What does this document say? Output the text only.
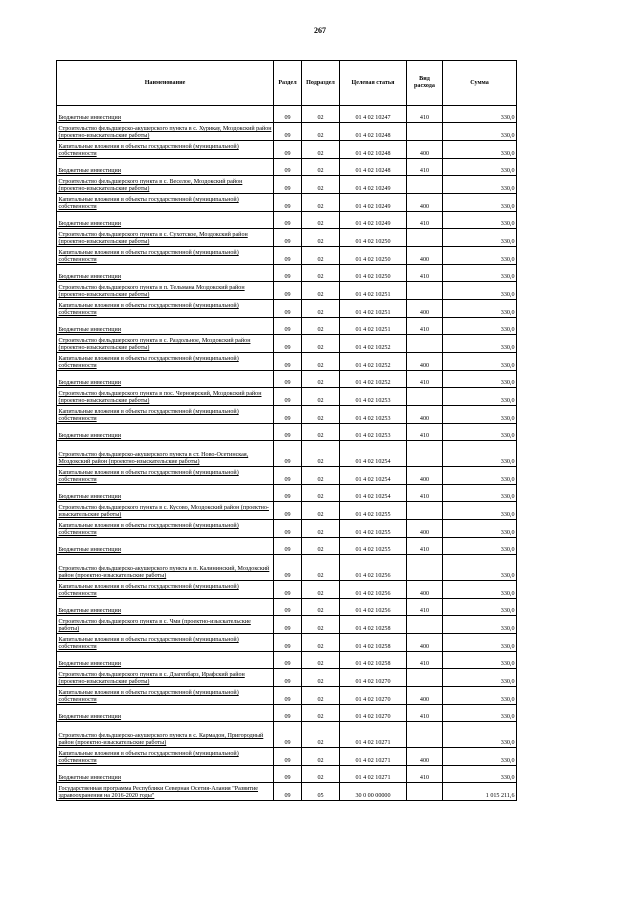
267
Наименование	Раздел	Подраздел	Целевая статья	Вид расхода	Сумма
Бюджетные инвестиции	09	02	01 4 02 10247	410	330,0
Строительство фельдшерско-акушерского пункта в с. Хурикау, Моздокский район (проектно-изыскательские работы)	09	02	01 4 02 10248		330,0
Капитальные вложения в объекты государственной (муниципальной) собственности	09	02	01 4 02 10248	400	330,0
Бюджетные инвестиции	09	02	01 4 02 10248	410	330,0
Строительство фельдшерского пункта в с. Веселое, Моздокский район (проектно-изыскательские работы)	09	02	01 4 02 10249		330,0
Капитальные вложения в объекты государственной (муниципальной) собственности	09	02	01 4 02 10249	400	330,0
Бюджетные инвестиции	09	02	01 4 02 10249	410	330,0
Строительство фельдшерского пункта в с. Сухотское, Моздокский район (проектно-изыскательские работы)	09	02	01 4 02 10250		330,0
Капитальные вложения в объекты государственной (муниципальной) собственности	09	02	01 4 02 10250	400	330,0
Бюджетные инвестиции	09	02	01 4 02 10250	410	330,0
Строительство фельдшерского пункта в п. Тельмана Моздокский район (проектно-изыскательские работы)	09	02	01 4 02 10251		330,0
Капитальные вложения в объекты государственной (муниципальной) собственности	09	02	01 4 02 10251	400	330,0
Бюджетные инвестиции	09	02	01 4 02 10251	410	330,0
Строительство фельдшерского пункта в с. Раздольное, Моздокский район (проектно-изыскательские работы)	09	02	01 4 02 10252		330,0
Капитальные вложения в объекты государственной (муниципальной) собственности	09	02	01 4 02 10252	400	330,0
Бюджетные инвестиции	09	02	01 4 02 10252	410	330,0
Строительство фельдшерского пункта в пос. Черноярский, Моздокский район (проектно-изыскательские работы)	09	02	01 4 02 10253		330,0
Капитальные вложения в объекты государственной (муниципальной) собственности	09	02	01 4 02 10253	400	330,0
Бюджетные инвестиции	09	02	01 4 02 10253	410	330,0
Строительство фельдшерско-акушерского пункта в ст. Ново-Осетинская, Моздокский район (проектно-изыскательские работы)	09	02	01 4 02 10254		330,0
Капитальные вложения в объекты государственной (муниципальной) собственности	09	02	01 4 02 10254	400	330,0
Бюджетные инвестиции	09	02	01 4 02 10254	410	330,0
Строительство фельдшерского пункта в с. Кусово, Моздокский район (проектно-изыскательские работы)	09	02	01 4 02 10255		330,0
Капитальные вложения в объекты государственной (муниципальной) собственности	09	02	01 4 02 10255	400	330,0
Бюджетные инвестиции	09	02	01 4 02 10255	410	330,0
Строительство фельдшерско-акушерского пункта в п. Калининский, Моздокский район (проектно-изыскательские работы)	09	02	01 4 02 10256		330,0
Капитальные вложения в объекты государственной (муниципальной) собственности	09	02	01 4 02 10256	400	330,0
Бюджетные инвестиции	09	02	01 4 02 10256	410	330,0
Строительство фельдшерского пункта в с. Чми (проектно-изыскательские работы)	09	02	01 4 02 10258		330,0
Капитальные вложения в объекты государственной (муниципальной) собственности	09	02	01 4 02 10258	400	330,0
Бюджетные инвестиции	09	02	01 4 02 10258	410	330,0
Строительство фельдшерского пункта в с. Дзагепбарз, Ирафский район (проектно-изыскательские работы)	09	02	01 4 02 10270		330,0
Капитальные вложения в объекты государственной (муниципальной) собственности	09	02	01 4 02 10270	400	330,0
Бюджетные инвестиции	09	02	01 4 02 10270	410	330,0
Строительство фельдшерско-акушерского пункта в с. Кармадон, Пригородный район (проектно-изыскательские работы)	09	02	01 4 02 10271		330,0
Капитальные вложения в объекты государственной (муниципальной) собственности	09	02	01 4 02 10271	400	330,0
Бюджетные инвестиции	09	02	01 4 02 10271	410	330,0
Государственная программа Республики Северная Осетия-Алания "Развитие здравоохранения на 2016-2020 годы"	09	05	30 0 00 00000		1 015 211,6
